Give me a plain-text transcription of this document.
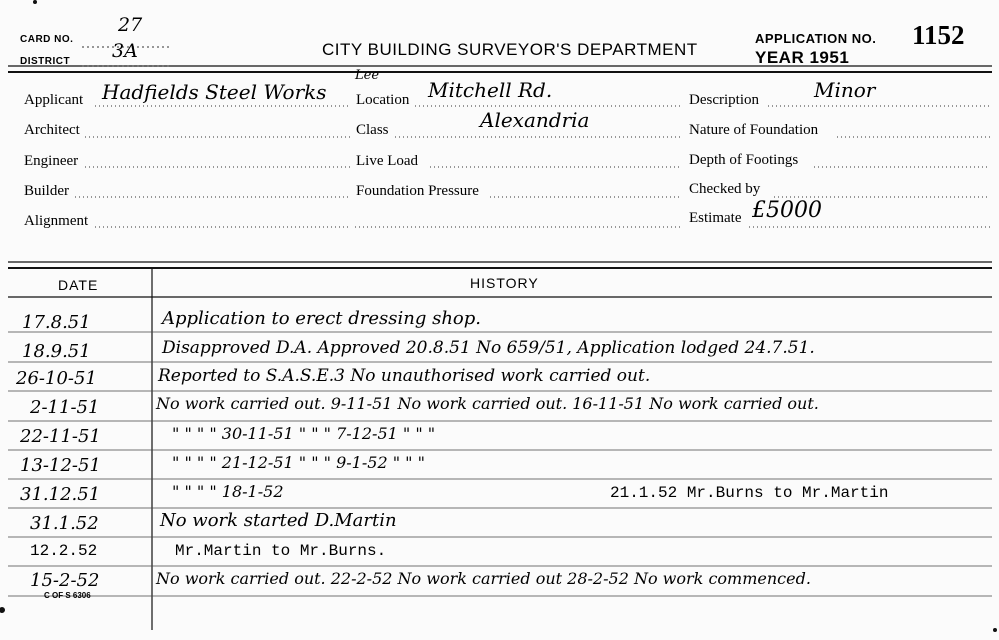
CARD NO.
27
DISTRICT 3A	CITY BUILDING SURVEYOR'S DEPARTMENT
APPLICATION NO.
YEAR 1951
1152
Applicant Hadfields Steel Works
Lee
Architect
Engineer
Builder
Alignment
Location Mitchell Rd.
Class	Alexandria
Live Load
Foundation Pressure
Description	Minor
Nature of Foundation
Depth of Footings
Checked by
Estimate £5000
DATE	HISTORY
17.8.51	Application to erect dressing shop.
18.9.51	Disapproved D.A. Approved 20.8.51 No 659/51, Application lodged 24.7.51.
26-10-51	Reported to S.A.S.E.3 No unauthorised work carried out.
2-11-51	No work carried out. 9-11-51 No work carried out. 16-11-51 No work carried out.
22-11-51	" " " " 30-11-51 " " " 7-12-51 " " "
13-12-51	" " " " 21-12-51 " " " 9-1-52 " " "
31.12.51	" " " " 18-1-52	21.1.52 Mr.Burns to Mr.Martin
31.1.52	No work started D.Martin
12.2.52	Mr.Martin to Mr.Burns.
15-2-52	No work carried out. 22-2-52 No work carried out 28-2-52 No work commenced.
C OF S 6306
